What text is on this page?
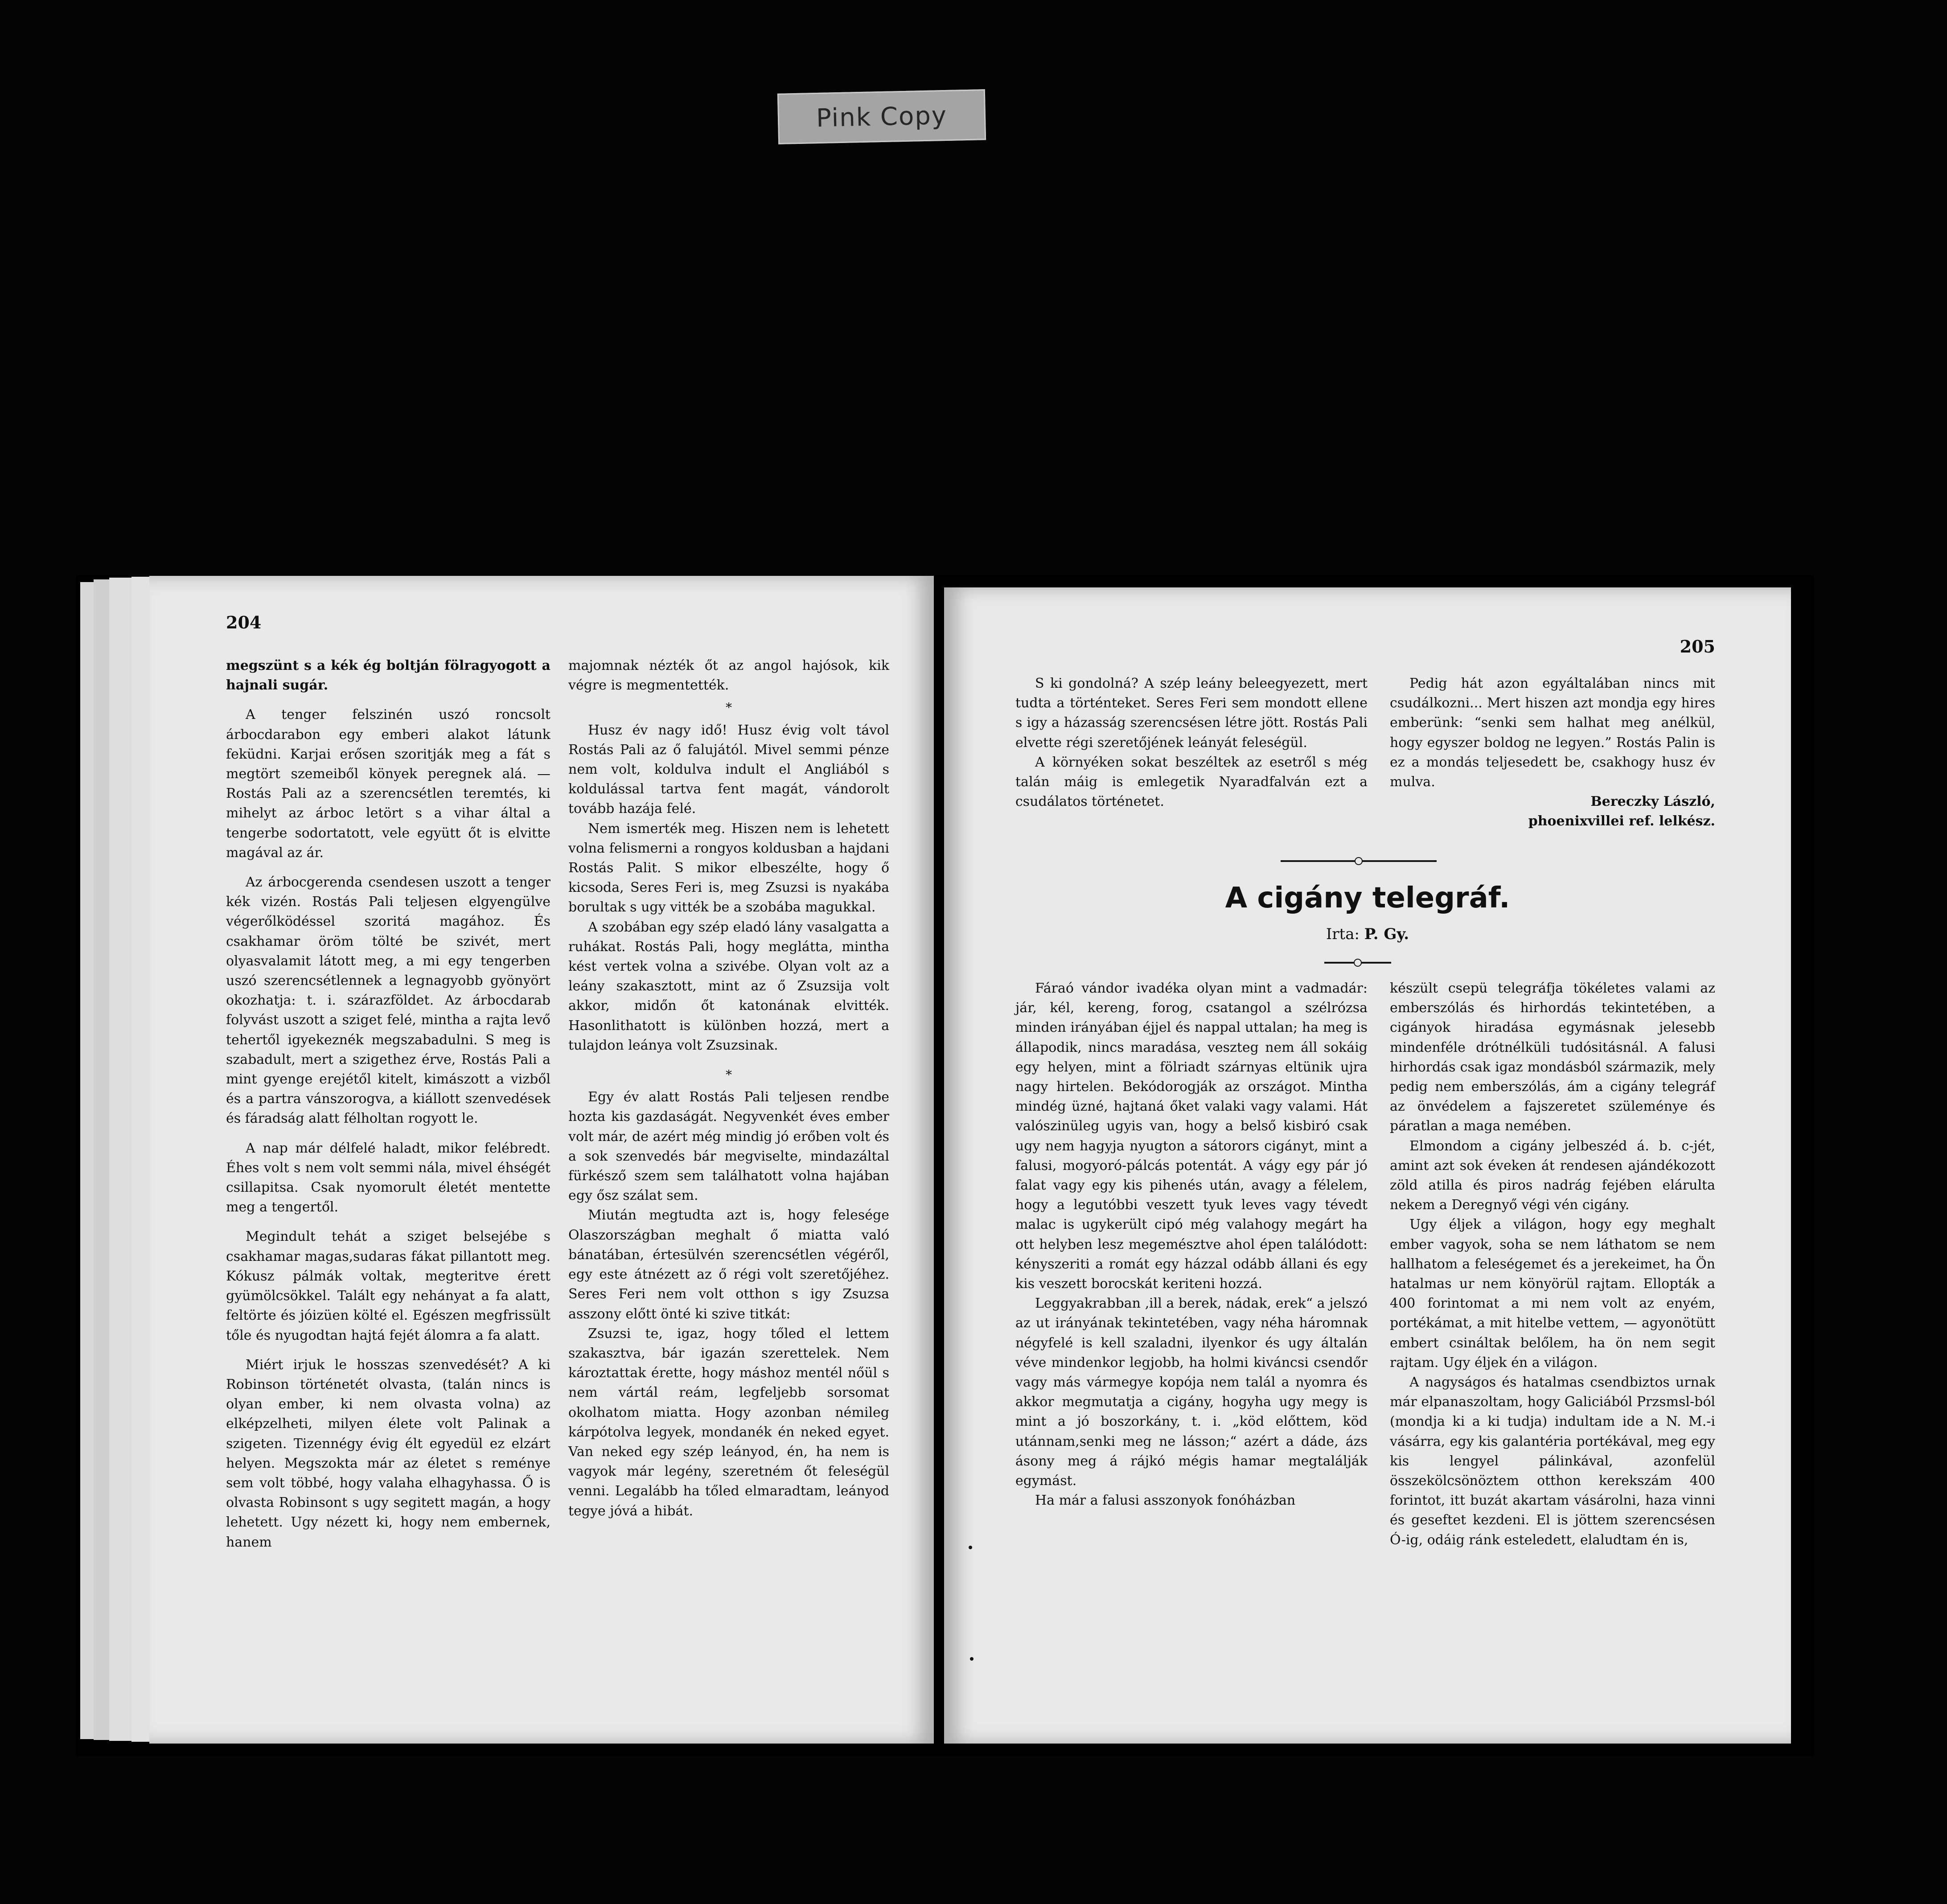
Pink Copy
204

megszünt s a kék ég boltján fölragyogott a hajnali sugár.

A tenger felszinén uszó roncsolt árbocdarabon egy emberi alakot látunk feküdni. Karjai erősen szoritják meg a fát s megtört szemeiből könyek peregnek alá. — Rostás Pali az a szerencsétlen teremtés, ki mihelyt az árboc letört s a vihar által a tengerbe sodortatott, vele együtt őt is elvitte magával az ár.

Az árbocgerenda csendesen uszott a tenger kék vizén. Rostás Pali teljesen elgyengülve végerőlködéssel szoritá magához. És csakhamar öröm tölté be szivét, mert olyasvalamit látott meg, a mi egy tengerben uszó szerencsétlennek a legnagyobb gyönyört okozhatja: t. i. szárazföldet. Az árbocdarab folyvást uszott a sziget felé, mintha a rajta levő tehertől igyekeznék megszabadulni. S meg is szabadult, mert a szigethez érve, Rostás Pali a mint gyenge erejétől kitelt, kimászott a vizből és a partra vánszorogva, a kiállott szenvedések és fáradság alatt félholtan rogyott le.

A nap már délfelé haladt, mikor felébredt. Éhes volt s nem volt semmi nála, mivel éhségét csillapitsa. Csak nyomorult életét mentette meg a tengertől.

Megindult tehát a sziget belsejébe s csakhamar magas,sudaras fákat pillantott meg. Kókusz pálmák voltak, megteritve érett gyümölcsökkel. Talált egy nehányat a fa alatt, feltörte és jóizüen költé el. Egészen megfrissült tőle és nyugodtan hajtá fejét álomra a fa alatt.

Miért irjuk le hosszas szenvedését? A ki Robinson történetét olvasta, (talán nincs is olyan ember, ki nem olvasta volna) az elképzelheti, milyen élete volt Palinak a szigeten. Tizennégy évig élt egyedül ez elzárt helyen. Megszokta már az életet s reménye sem volt többé, hogy valaha elhagyhassa. Ő is olvasta Robinsont s ugy segitett magán, a hogy lehetett. Ugy nézett ki, hogy nem embernek, hanem

majomnak nézték őt az angol hajósok, kik végre is megmentették.

*

Husz év nagy idő! Husz évig volt távol Rostás Pali az ő falujától. Mivel semmi pénze nem volt, koldulva indult el Angliából s koldulással tartva fent magát, vándorolt tovább hazája felé.

Nem ismerték meg. Hiszen nem is lehetett volna felismerni a rongyos koldusban a hajdani Rostás Palit. S mikor elbeszélte, hogy ő kicsoda, Seres Feri is, meg Zsuzsi is nyakába borultak s ugy vitték be a szobába magukkal.

A szobában egy szép eladó lány vasalgatta a ruhákat. Rostás Pali, hogy meglátta, mintha kést vertek volna a szivébe. Olyan volt az a leány szakasztott, mint az ő Zsuzsija volt akkor, midőn őt katonának elvitték. Hasonlithatott is különben hozzá, mert a tulajdon leánya volt Zsuzsinak.

*

Egy év alatt Rostás Pali teljesen rendbe hozta kis gazdaságát. Negyvenkét éves ember volt már, de azért még mindig jó erőben volt és a sok szenvedés bár megviselte, mindazáltal fürkésző szem sem találhatott volna hajában egy ősz szálat sem.

Miután megtudta azt is, hogy felesége Olaszországban meghalt ő miatta való bánatában, értesülvén szerencsétlen végéről, egy este átnézett az ő régi volt szeretőjéhez. Seres Feri nem volt otthon s igy Zsuzsa asszony előtt önté ki szive titkát:

Zsuzsi te, igaz, hogy tőled el lettem szakasztva, bár igazán szerettelek. Nem károztattak érette, hogy máshoz mentél nőül s nem vártál reám, legfeljebb sorsomat okolhatom miatta. Hogy azonban némileg kárpótolva legyek, mondanék én neked egyet. Van neked egy szép leányod, én, ha nem is vagyok már legény, szeretném őt feleségül venni. Legalább ha tőled elmaradtam, leányod tegye jóvá a hibát.

205

S ki gondolná? A szép leány beleegyezett, mert tudta a történteket. Seres Feri sem mondott ellene s igy a házasság szerencsésen létre jött. Rostás Pali elvette régi szeretőjének leányát feleségül.

A környéken sokat beszéltek az esetről s még talán máig is emlegetik Nyaradfalván ezt a csudálatos történetet.

Pedig hát azon egyáltalában nincs mit csudálkozni... Mert hiszen azt mondja egy hires emberünk: “senki sem halhat meg anélkül, hogy egyszer boldog ne legyen.” Rostás Palin is ez a mondás teljesedett be, csakhogy husz év mulva.

Bereczky László,

phoenixvillei ref. lelkész.

A cigány telegráf.
Irta: P. Gy.

Fáraó vándor ivadéka olyan mint a vadmadár: jár, kél, kereng, forog, csatangol a szélrózsa minden irányában éjjel és nappal uttalan; ha meg is állapodik, nincs maradása, veszteg nem áll sokáig egy helyen, mint a fölriadt szárnyas eltünik ujra nagy hirtelen. Bekódorogják az országot. Mintha mindég üzné, hajtaná őket valaki vagy valami. Hát valószinüleg ugyis van, hogy a belső kisbiró csak ugy nem hagyja nyugton a sátorors cigányt, mint a falusi, mogyoró-pálcás potentát. A vágy egy pár jó falat vagy egy kis pihenés után, avagy a félelem, hogy a legutóbbi veszett tyuk leves vagy tévedt malac is ugykerült cipó még valahogy megárt ha ott helyben lesz megemésztve ahol épen találódott: kényszeriti a romát egy házzal odább állani és egy kis veszett borocskát keriteni hozzá.

Leggyakrabban ‚ill a berek, nádak, erek“ a jelszó az ut irányának tekintetében, vagy néha háromnak négyfelé is kell szaladni, ilyenkor és ugy általán véve mindenkor legjobb, ha holmi kiváncsi csendőr vagy más vármegye kopója nem talál a nyomra és akkor megmutatja a cigány, hogyha ugy megy is mint a jó boszorkány, t. i. „köd előttem, köd utánnam,senki meg ne lásson;“ azért a dáde, ázs ásony meg á rájkó mégis hamar megtalálják egymást.

Ha már a falusi asszonyok fonóházban

készült csepü telegráfja tökéletes valami az emberszólás és hirhordás tekintetében, a cigányok hiradása egymásnak jelesebb mindenféle drótnélküli tudósitásnál. A falusi hirhordás csak igaz mondásból származik, mely pedig nem emberszólás, ám a cigány telegráf az önvédelem a fajszeretet szüleménye és páratlan a maga nemében.

Elmondom a cigány jelbeszéd á. b. c-jét, amint azt sok éveken át rendesen ajándékozott zöld atilla és piros nadrág fejében elárulta nekem a Deregnyő végi vén cigány.

Ugy éljek a világon, hogy egy meghalt ember vagyok, soha se nem láthatom se nem hallhatom a feleségemet és a jerekeimet, ha Ön hatalmas ur nem könyörül rajtam. Ellopták a 400 forintomat a mi nem volt az enyém, portékámat, a mit hitelbe vettem, — agyonötütt embert csináltak belőlem, ha ön nem segit rajtam. Ugy éljek én a világon.

A nagyságos és hatalmas csendbiztos urnak már elpanaszoltam, hogy Galiciából Przsmsl-ból (mondja ki a ki tudja) indultam ide a N. M.-i vásárra, egy kis galantéria portékával, meg egy kis lengyel pálinkával, azonfelül összekölcsönöztem otthon kerekszám 400 forintot, itt buzát akartam vásárolni, haza vinni és geseftet kezdeni. El is jöttem szerencsésen Ó-ig, odáig ránk esteledett, elaludtam én is,
